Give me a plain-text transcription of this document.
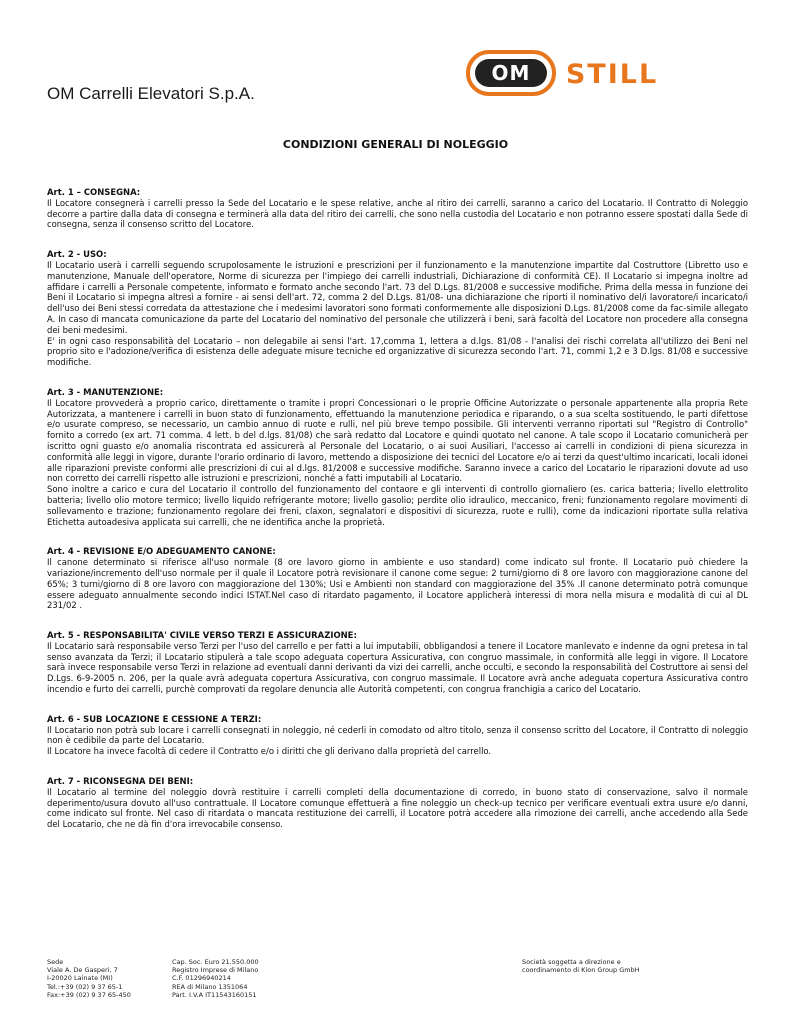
OM Carrelli Elevatori S.p.A.
OM STILL
CONDIZIONI GENERALI DI NOLEGGIO

Art. 1 – CONSEGNA:

Il Locatore consegnerà i carrelli presso la Sede del Locatario e le spese relative, anche al ritiro dei carrelli, saranno a carico del Locatario. Il Contratto di Noleggio decorre a partire dalla data di consegna e terminerà alla data del ritiro dei carrelli, che sono nella custodia del Locatario e non potranno essere spostati dalla Sede di consegna, senza il consenso scritto del Locatore.

Art. 2 - USO:

Il Locatario userà i carrelli seguendo scrupolosamente le istruzioni e prescrizioni per il funzionamento e la manutenzione impartite dal Costruttore (Libretto uso e manutenzione, Manuale dell'operatore, Norme di sicurezza per l'impiego dei carrelli industriali, Dichiarazione di conformità CE). Il Locatario si impegna inoltre ad affidare i carrelli a Personale competente, informato e formato anche secondo l'art. 73 del D.Lgs. 81/2008 e successive modifiche. Prima della messa in funzione dei Beni il Locatario si impegna altresì a fornire - ai sensi dell'art. 72, comma 2 del D.Lgs. 81/08- una dichiarazione che riporti il nominativo del/i lavoratore/i incaricato/i dell'uso dei Beni stessi corredata da attestazione che i medesimi lavoratori sono formati conformemente alle disposizioni D.Lgs. 81/2008 come da fac-simile allegato A. In caso di mancata comunicazione da parte del Locatario del nominativo del personale che utilizzerà i beni, sarà facoltà del Locatore non procedere alla consegna dei beni medesimi.

E' in ogni caso responsabilità del Locatario – non delegabile ai sensi l'art. 17,comma 1, lettera a d.lgs. 81/08 - l'analisi dei rischi correlata all'utilizzo dei Beni nel proprio sito e l'adozione/verifica di esistenza delle adeguate misure tecniche ed organizzative di sicurezza secondo l'art. 71, commi 1,2 e 3 D.lgs. 81/08 e successive modifiche.

Art. 3 - MANUTENZIONE:

Il Locatore provvederà a proprio carico, direttamente o tramite i propri Concessionari o le proprie Officine Autorizzate o personale appartenente alla propria Rete Autorizzata, a mantenere i carrelli in buon stato di funzionamento, effettuando la manutenzione periodica e riparando, o a sua scelta sostituendo, le parti difettose e/o usurate compreso, se necessario, un cambio annuo di ruote e rulli, nel più breve tempo possibile. Gli interventi verranno riportati sul "Registro di Controllo" fornito a corredo (ex art. 71 comma. 4 lett. b del d.lgs. 81/08) che sarà redatto dal Locatore e quindi quotato nel canone. A tale scopo il Locatario comunicherà per iscritto ogni guasto e/o anomalia riscontrata ed assicurerà al Personale del Locatario, o ai suoi Ausiliari, l'accesso ai carrelli in condizioni di piena sicurezza in conformità alle leggi in vigore, durante l'orario ordinario di lavoro, mettendo a disposizione dei tecnici del Locatore e/o ai terzi da quest'ultimo incaricati, locali idonei alle riparazioni previste conformi alle prescrizioni di cui al d.lgs. 81/2008 e successive modifiche. Saranno invece a carico del Locatario le riparazioni dovute ad uso non corretto dei carrelli rispetto alle istruzioni e prescrizioni, nonché a fatti imputabili al Locatario.

Sono inoltre a carico e cura del Locatario il controllo del funzionamento del contaore e gli interventi di controllo giornaliero (es. carica batteria; livello elettrolito batteria; livello olio motore termico; livello liquido refrigerante motore; livello gasolio; perdite olio idraulico, meccanico, freni; funzionamento regolare movimenti di sollevamento e trazione; funzionamento regolare dei freni, claxon, segnalatori e dispositivi di sicurezza, ruote e rulli), come da indicazioni riportate sulla relativa Etichetta autoadesiva applicata sui carrelli, che ne identifica anche la proprietà.

Art. 4 - REVISIONE E/O ADEGUAMENTO CANONE:

Il canone determinato si riferisce all'uso normale (8 ore lavoro giorno in ambiente e uso standard) come indicato sul fronte. Il Locatario può chiedere la variazione/incremento dell'uso normale per il quale il Locatore potrà revisionare il canone come segue: 2 turni/giorno di 8 ore lavoro con maggiorazione canone del 65%; 3 turni/giorno di 8 ore lavoro con maggiorazione del 130%; Usi e Ambienti non standard con maggiorazione del 35% .Il canone determinato potrà comunque essere adeguato annualmente secondo indici ISTAT.Nel caso di ritardato pagamento, il Locatore applicherà interessi di mora nella misura e modalità di cui al DL 231/02 .

Art. 5 - RESPONSABILITA' CIVILE VERSO TERZI E ASSICURAZIONE:

Il Locatario sarà responsabile verso Terzi per l'uso del carrello e per fatti a lui imputabili, obbligandosi a tenere il Locatore manlevato e indenne da ogni pretesa in tal senso avanzata da Terzi; il Locatario stipulerà a tale scopo adeguata copertura Assicurativa, con congruo massimale, in conformità alle leggi in vigore. Il Locatore sarà invece responsabile verso Terzi in relazione ad eventuali danni derivanti da vizi dei carrelli, anche occulti, e secondo la responsabilità del Costruttore ai sensi del D.Lgs. 6-9-2005 n. 206, per la quale avrà adeguata copertura Assicurativa, con congruo massimale. Il Locatore avrà anche adeguata copertura Assicurativa contro incendio e furto dei carrelli, purchè comprovati da regolare denuncia alle Autorità competenti, con congrua franchigia a carico del Locatario.

Art. 6 - SUB LOCAZIONE E CESSIONE A TERZI:

Il Locatario non potrà sub locare i carrelli consegnati in noleggio, né cederli in comodato od altro titolo, senza il consenso scritto del Locatore, il Contratto di noleggio non è cedibile da parte del Locatario.

Il Locatore ha invece facoltà di cedere il Contratto e/o i diritti che gli derivano dalla proprietà del carrello.

Art. 7 - RICONSEGNA DEI BENI:

Il Locatario al termine del noleggio dovrà restituire i carrelli completi della documentazione di corredo, in buono stato di conservazione, salvo il normale deperimento/usura dovuto all'uso contrattuale. Il Locatore comunque effettuerà a fine noleggio un check-up tecnico per verificare eventuali extra usure e/o danni, come indicato sul fronte. Nel caso di ritardata o mancata restituzione dei carrelli, il Locatore potrà accedere alla rimozione dei carrelli, anche accedendo alla Sede del Locatario, che ne dà fin d'ora irrevocabile consenso.

Sede
Viale A. De Gasperi, 7
I-20020 Lainate (MI)
Tel.:+39 (02) 9 37 65-1
Fax:+39 (02) 9 37 65-450
Cap. Soc. Euro 21.550.000
Registro Imprese di Milano
C.F. 01296940214
REA di Milano 1351064
Part. I.V.A IT11543160151
Società soggetta a direzione e
coordinamento di Kion Group GmbH
